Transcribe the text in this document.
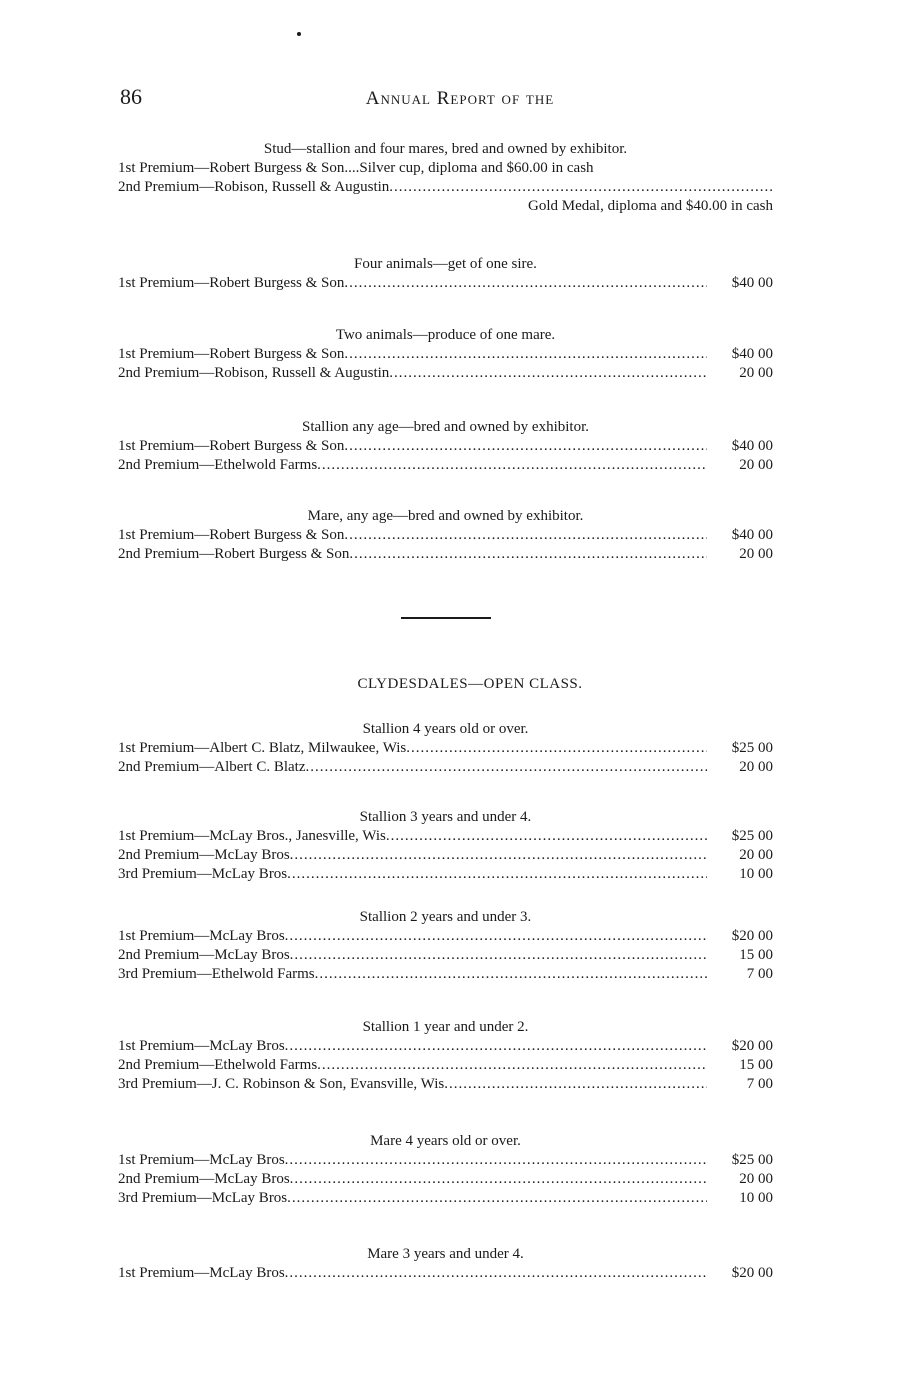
86	Annual Report of the
Stud—stallion and four mares, bred and owned by exhibitor.
1st Premium—Robert Burgess & Son....Silver cup, diploma and $60.00 in cash
2nd Premium—Robison, Russell & Augustin
.....
Gold Medal, diploma and $40.00 in cash
Four animals—get of one sire.
1st Premium—Robert Burgess & Son .....	$40 00
Two animals—produce of one mare.
1st Premium—Robert Burgess & Son .....	$40 00
2nd Premium—Robison, Russell & Augustin .....	20 00
Stallion any age—bred and owned by exhibitor.
1st Premium—Robert Burgess & Son .....	$40 00
2nd Premium—Ethelwold Farms .....	20 00
Mare, any age—bred and owned by exhibitor.
1st Premium—Robert Burgess & Son .....	$40 00
2nd Premium—Robert Burgess & Son .....	20 00
CLYDESDALES—OPEN CLASS.
Stallion 4 years old or over.
1st Premium—Albert C. Blatz, Milwaukee, Wis .....	$25 00
2nd Premium—Albert C. Blatz .....	20 00
Stallion 3 years and under 4.
1st Premium—McLay Bros., Janesville, Wis .....	$25 00
2nd Premium—McLay Bros .....	20 00
3rd Premium—McLay Bros .....	10 00
Stallion 2 years and under 3.
1st Premium—McLay Bros .....	$20 00
2nd Premium—McLay Bros .....	15 00
3rd Premium—Ethelwold Farms .....	7 00
Stallion 1 year and under 2.
1st Premium—McLay Bros .....	$20 00
2nd Premium—Ethelwold Farms .....	15 00
3rd Premium—J. C. Robinson & Son, Evansville, Wis .....	7 00
Mare 4 years old or over.
1st Premium—McLay Bros .....	$25 00
2nd Premium—McLay Bros .....	20 00
3rd Premium—McLay Bros .....	10 00
Mare 3 years and under 4.
1st Premium—McLay Bros .....	$20 00
